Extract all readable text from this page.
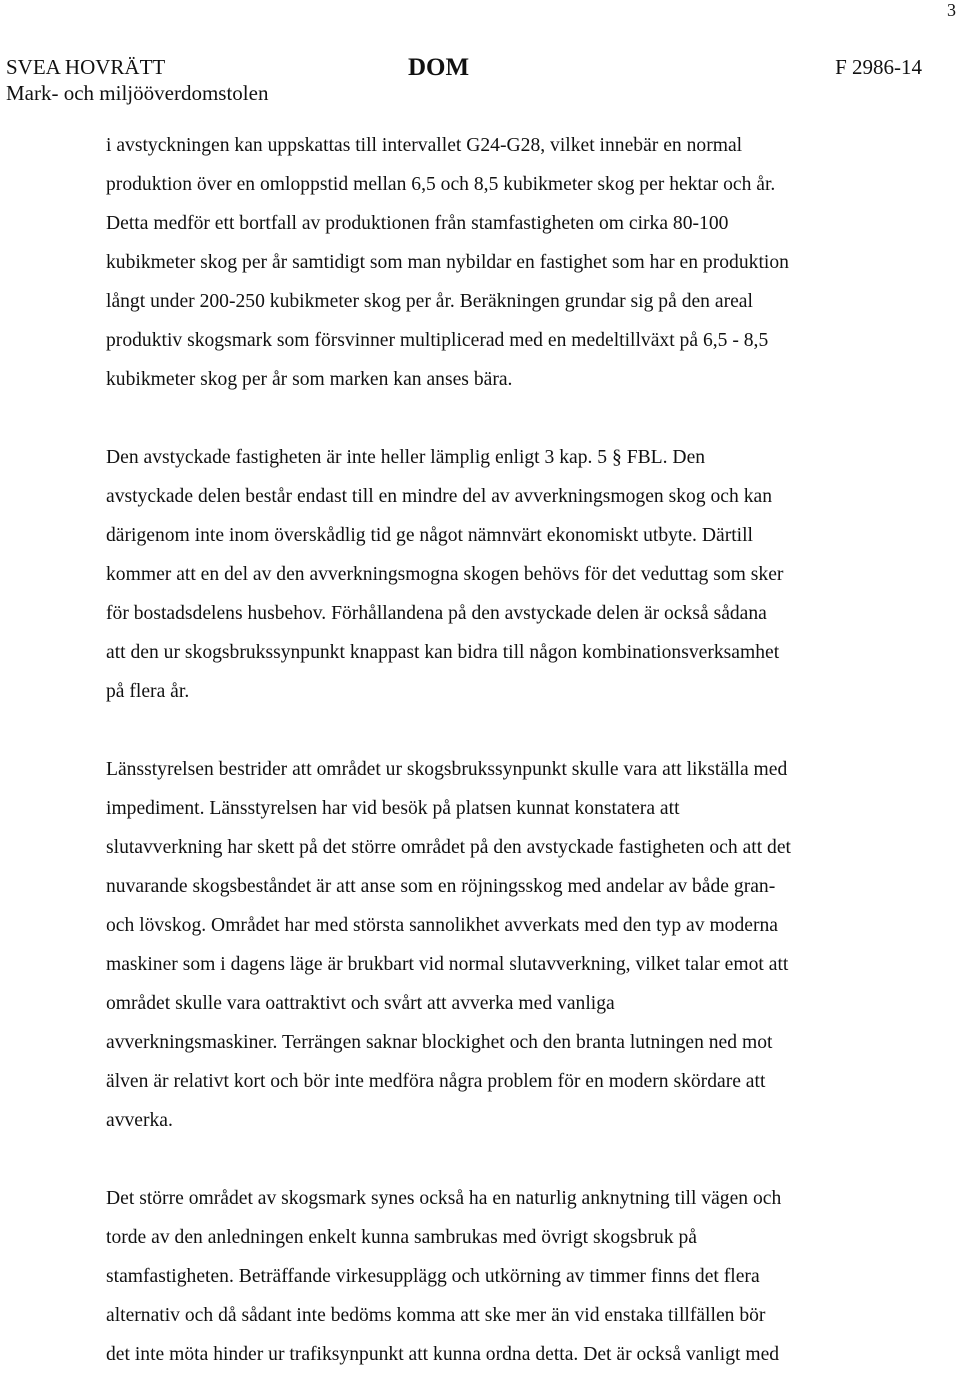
3
SVEA HOVRÄTT
Mark- och miljööverdomstolen
DOM	F 2986-14

i avstyckningen kan uppskattas till intervallet G24-G28, vilket innebär en normal

produktion över en omloppstid mellan 6,5 och 8,5 kubikmeter skog per hektar och år.

Detta medför ett bortfall av produktionen från stamfastigheten om cirka 80-100

kubikmeter skog per år samtidigt som man nybildar en fastighet som har en produktion

långt under 200-250 kubikmeter skog per år. Beräkningen grundar sig på den areal

produktiv skogsmark som försvinner multiplicerad med en medeltillväxt på 6,5 - 8,5

kubikmeter skog per år som marken kan anses bära.

Den avstyckade fastigheten är inte heller lämplig enligt 3 kap. 5 § FBL. Den

avstyckade delen består endast till en mindre del av avverkningsmogen skog och kan

därigenom inte inom överskådlig tid ge något nämnvärt ekonomiskt utbyte. Därtill

kommer att en del av den avverkningsmogna skogen behövs för det veduttag som sker

för bostadsdelens husbehov. Förhållandena på den avstyckade delen är också sådana

att den ur skogsbrukssynpunkt knappast kan bidra till någon kombinationsverksamhet

på flera år.

Länsstyrelsen bestrider att området ur skogsbrukssynpunkt skulle vara att likställa med

impediment. Länsstyrelsen har vid besök på platsen kunnat konstatera att

slutavverkning har skett på det större området på den avstyckade fastigheten och att det

nuvarande skogsbeståndet är att anse som en röjningsskog med andelar av både gran-

och lövskog. Området har med största sannolikhet avverkats med den typ av moderna

maskiner som i dagens läge är brukbart vid normal slutavverkning, vilket talar emot att

området skulle vara oattraktivt och svårt att avverka med vanliga

avverkningsmaskiner. Terrängen saknar blockighet och den branta lutningen ned mot

älven är relativt kort och bör inte medföra några problem för en modern skördare att

avverka.

Det större området av skogsmark synes också ha en naturlig anknytning till vägen och

torde av den anledningen enkelt kunna sambrukas med övrigt skogsbruk på

stamfastigheten. Beträffande virkesupplägg och utkörning av timmer finns det flera

alternativ och då sådant inte bedöms komma att ske mer än vid enstaka tillfällen bör

det inte möta hinder ur trafiksynpunkt att kunna ordna detta. Det är också vanligt med
